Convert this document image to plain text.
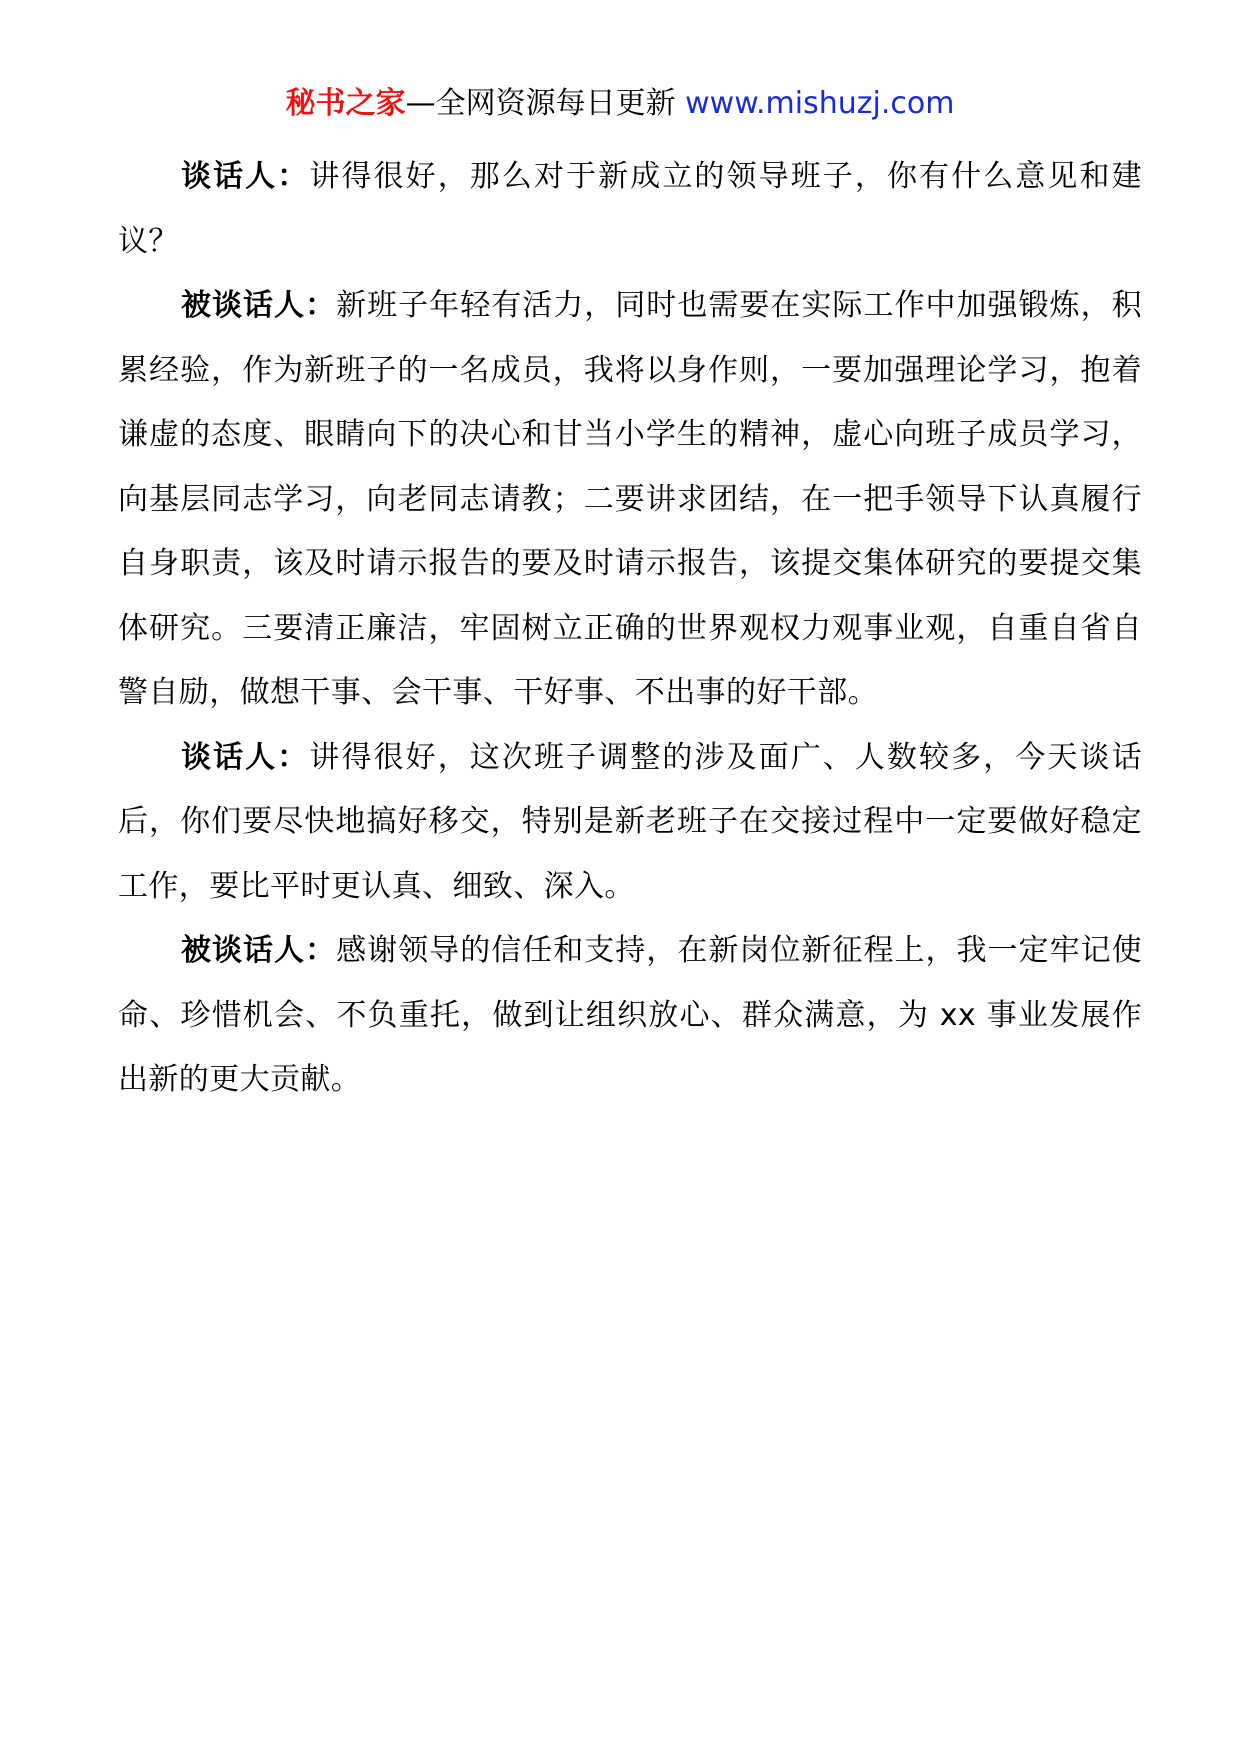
秘书之家—全网资源每日更新 www.mishuzj.com

谈话人：讲得很好，那么对于新成立的领导班子，你有什么意见和建议？

被谈话人：新班子年轻有活力，同时也需要在实际工作中加强锻炼，积累经验，作为新班子的一名成员，我将以身作则，一要加强理论学习，抱着谦虚的态度、眼睛向下的决心和甘当小学生的精神，虚心向班子成员学习，向基层同志学习，向老同志请教；二要讲求团结，在一把手领导下认真履行自身职责，该及时请示报告的要及时请示报告，该提交集体研究的要提交集体研究。三要清正廉洁，牢固树立正确的世界观权力观事业观，自重自省自警自励，做想干事、会干事、干好事、不出事的好干部。

谈话人：讲得很好，这次班子调整的涉及面广、人数较多，今天谈话后，你们要尽快地搞好移交，特别是新老班子在交接过程中一定要做好稳定工作，要比平时更认真、细致、深入。

被谈话人：感谢领导的信任和支持，在新岗位新征程上，我一定牢记使命、珍惜机会、不负重托，做到让组织放心、群众满意，为 xx 事业发展作出新的更大贡献。
